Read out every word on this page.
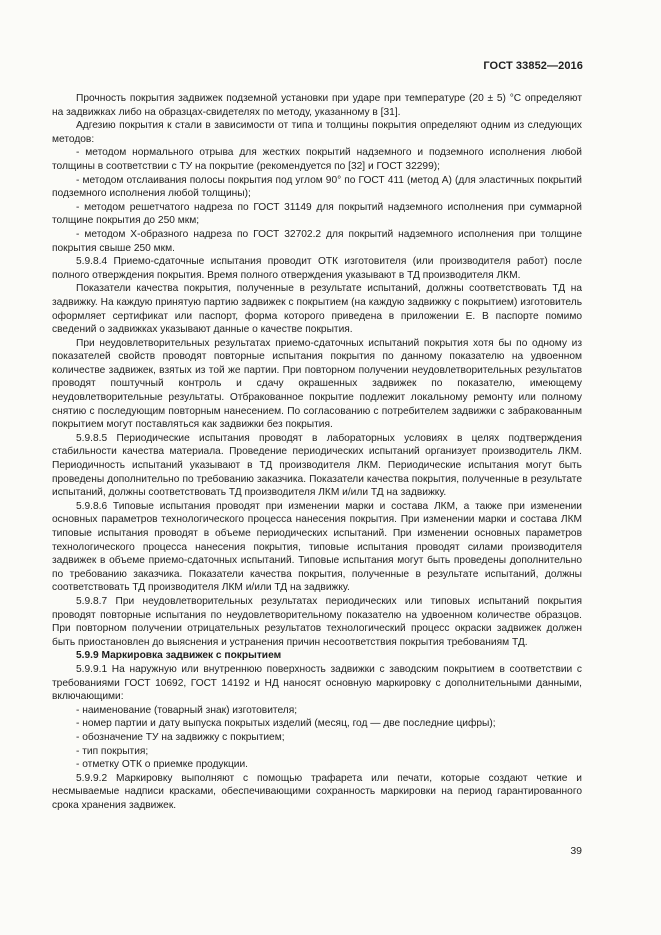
ГОСТ 33852—2016

Прочность покрытия задвижек подземной установки при ударе при температуре (20 ± 5) °С определяют на задвижках либо на образцах-свидетелях по методу, указанному в [31].

Адгезию покрытия к стали в зависимости от типа и толщины покрытия определяют одним из следующих методов:

- методом нормального отрыва для жестких покрытий надземного и подземного исполнения любой толщины в соответствии с ТУ на покрытие (рекомендуется по [32] и ГОСТ 32299);

- методом отслаивания полосы покрытия под углом 90° по ГОСТ 411 (метод А) (для эластичных покрытий подземного исполнения любой толщины);

- методом решетчатого надреза по ГОСТ 31149 для покрытий надземного исполнения при суммарной толщине покрытия до 250 мкм;

- методом Х-образного надреза по ГОСТ 32702.2 для покрытий надземного исполнения при толщине покрытия свыше 250 мкм.

5.9.8.4 Приемо-сдаточные испытания проводит ОТК изготовителя (или производителя работ) после полного отверждения покрытия. Время полного отверждения указывают в ТД производителя ЛКМ.

Показатели качества покрытия, полученные в результате испытаний, должны соответствовать ТД на задвижку. На каждую принятую партию задвижек с покрытием (на каждую задвижку с покрытием) изготовитель оформляет сертификат или паспорт, форма которого приведена в приложении Е. В паспорте помимо сведений о задвижках указывают данные о качестве покрытия.

При неудовлетворительных результатах приемо-сдаточных испытаний покрытия хотя бы по одному из показателей свойств проводят повторные испытания покрытия по данному показателю на удвоенном количестве задвижек, взятых из той же партии. При повторном получении неудовлетворительных результатов проводят поштучный контроль и сдачу окрашенных задвижек по показателю, имеющему неудовлетворительные результаты. Отбракованное покрытие подлежит локальному ремонту или полному снятию с последующим повторным нанесением. По согласованию с потребителем задвижки с забракованным покрытием могут поставляться как задвижки без покрытия.

5.9.8.5 Периодические испытания проводят в лабораторных условиях в целях подтверждения стабильности качества материала. Проведение периодических испытаний организует производитель ЛКМ. Периодичность испытаний указывают в ТД производителя ЛКМ. Периодические испытания могут быть проведены дополнительно по требованию заказчика. Показатели качества покрытия, полученные в результате испытаний, должны соответствовать ТД производителя ЛКМ и/или ТД на задвижку.

5.9.8.6 Типовые испытания проводят при изменении марки и состава ЛКМ, а также при изменении основных параметров технологического процесса нанесения покрытия. При изменении марки и состава ЛКМ типовые испытания проводят в объеме периодических испытаний. При изменении основных параметров технологического процесса нанесения покрытия, типовые испытания проводят силами производителя задвижек в объеме приемо-сдаточных испытаний. Типовые испытания могут быть проведены дополнительно по требованию заказчика. Показатели качества покрытия, полученные в результате испытаний, должны соответствовать ТД производителя ЛКМ и/или ТД на задвижку.

5.9.8.7 При неудовлетворительных результатах периодических или типовых испытаний покрытия проводят повторные испытания по неудовлетворительному показателю на удвоенном количестве образцов. При повторном получении отрицательных результатов технологический процесс окраски задвижек должен быть приостановлен до выяснения и устранения причин несоответствия покрытия требованиям ТД.

5.9.9 Маркировка задвижек с покрытием

5.9.9.1 На наружную или внутреннюю поверхность задвижки с заводским покрытием в соответствии с требованиями ГОСТ 10692, ГОСТ 14192 и НД наносят основную маркировку с дополнительными данными, включающими:

- наименование (товарный знак) изготовителя;

- номер партии и дату выпуска покрытых изделий (месяц, год — две последние цифры);

- обозначение ТУ на задвижку с покрытием;

- тип покрытия;

- отметку ОТК о приемке продукции.

5.9.9.2 Маркировку выполняют с помощью трафарета или печати, которые создают четкие и несмываемые надписи красками, обеспечивающими сохранность маркировки на период гарантированного срока хранения задвижек.

39
